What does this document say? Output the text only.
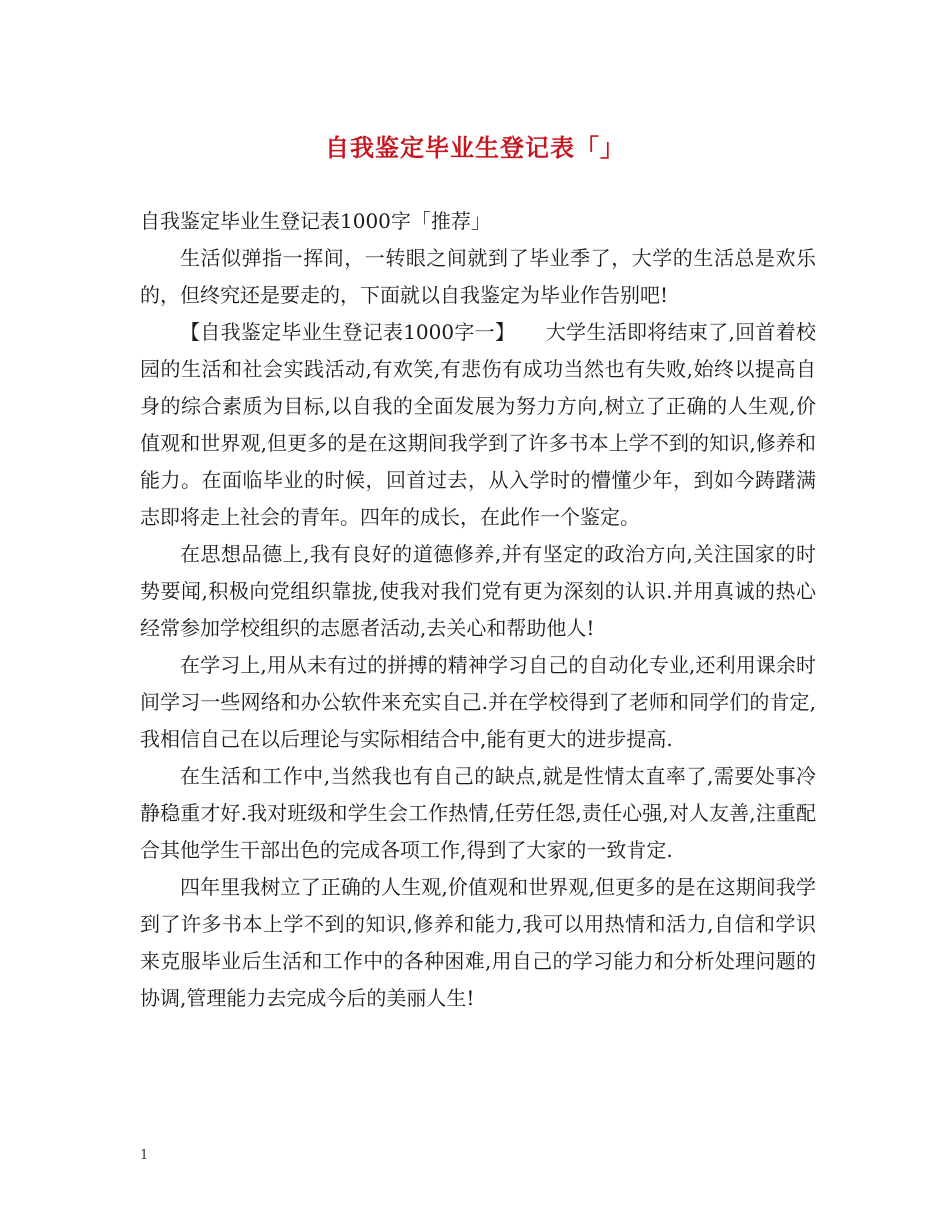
自我鉴定毕业生登记表「」

自我鉴定毕业生登记表1000字「推荐」

生活似弹指一挥间，一转眼之间就到了毕业季了，大学的生活总是欢乐的，但终究还是要走的，下面就以自我鉴定为毕业作告别吧!

【自我鉴定毕业生登记表1000字一】　　大学生活即将结束了,回首着校园的生活和社会实践活动,有欢笑,有悲伤有成功当然也有失败,始终以提高自身的综合素质为目标,以自我的全面发展为努力方向,树立了正确的人生观,价值观和世界观,但更多的是在这期间我学到了许多书本上学不到的知识,修养和能力。在面临毕业的时候，回首过去，从入学时的懵懂少年，到如今踌躇满志即将走上社会的青年。四年的成长，在此作一个鉴定。

在思想品德上,我有良好的道德修养,并有坚定的政治方向,关注国家的时势要闻,积极向党组织靠拢,使我对我们党有更为深刻的认识.并用真诚的热心经常参加学校组织的志愿者活动,去关心和帮助他人!

在学习上,用从未有过的拼搏的精神学习自己的自动化专业,还利用课余时间学习一些网络和办公软件来充实自己.并在学校得到了老师和同学们的肯定,我相信自己在以后理论与实际相结合中,能有更大的进步提高.

在生活和工作中,当然我也有自己的缺点,就是性情太直率了,需要处事冷静稳重才好.我对班级和学生会工作热情,任劳任怨,责任心强,对人友善,注重配合其他学生干部出色的完成各项工作,得到了大家的一致肯定.

四年里我树立了正确的人生观,价值观和世界观,但更多的是在这期间我学到了许多书本上学不到的知识,修养和能力,我可以用热情和活力,自信和学识来克服毕业后生活和工作中的各种困难,用自己的学习能力和分析处理问题的协调,管理能力去完成今后的美丽人生!

1
